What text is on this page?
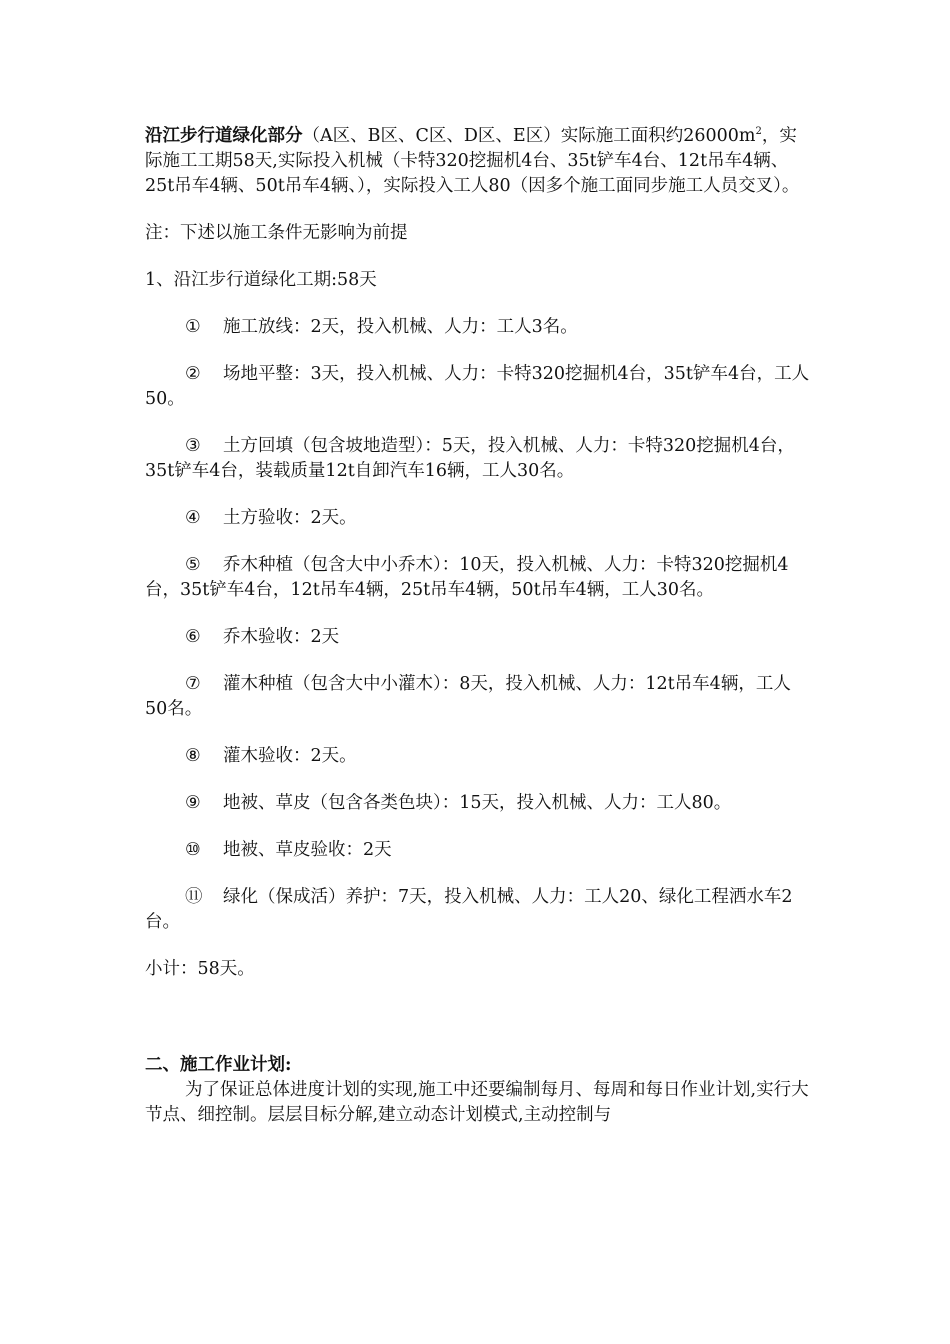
沿江步行道绿化部分（A区、B区、C区、D区、E区）实际施工面积约$26000m^2$，实际施工工期58天,实际投入机械（卡特320挖掘机4台、35t铲车4台、12t吊车4辆、25t吊车4辆、50t吊车4辆、），实际投入工人80（因多个施工面同步施工人员交叉）。

注：下述以施工条件无影响为前提

1、沿江步行道绿化工期:58天

① 施工放线：2天，投入机械、人力：工人3名。

② 场地平整：3天，投入机械、人力：卡特320挖掘机4台，35t铲车4台，工人50。

③ 土方回填（包含坡地造型）：5天，投入机械、人力：卡特320挖掘机4台，35t铲车4台，装载质量12t自卸汽车16辆，工人30名。

④ 土方验收：2天。

⑤ 乔木种植（包含大中小乔木）：10天，投入机械、人力：卡特320挖掘机4台，35t铲车4台，12t吊车4辆，25t吊车4辆，50t吊车4辆，工人30名。

⑥ 乔木验收：2天

⑦ 灌木种植（包含大中小灌木）：8天，投入机械、人力：12t吊车4辆，工人50名。

⑧ 灌木验收：2天。

⑨ 地被、草皮（包含各类色块）：15天，投入机械、人力：工人80。

⑩ 地被、草皮验收：2天

⑪ 绿化（保成活）养护：7天，投入机械、人力：工人20、绿化工程洒水车2台。

小计：58天。

二、施工作业计划:

为了保证总体进度计划的实现,施工中还要编制每月、每周和每日作业计划,实行大节点、细控制。层层目标分解,建立动态计划模式,主动控制与
